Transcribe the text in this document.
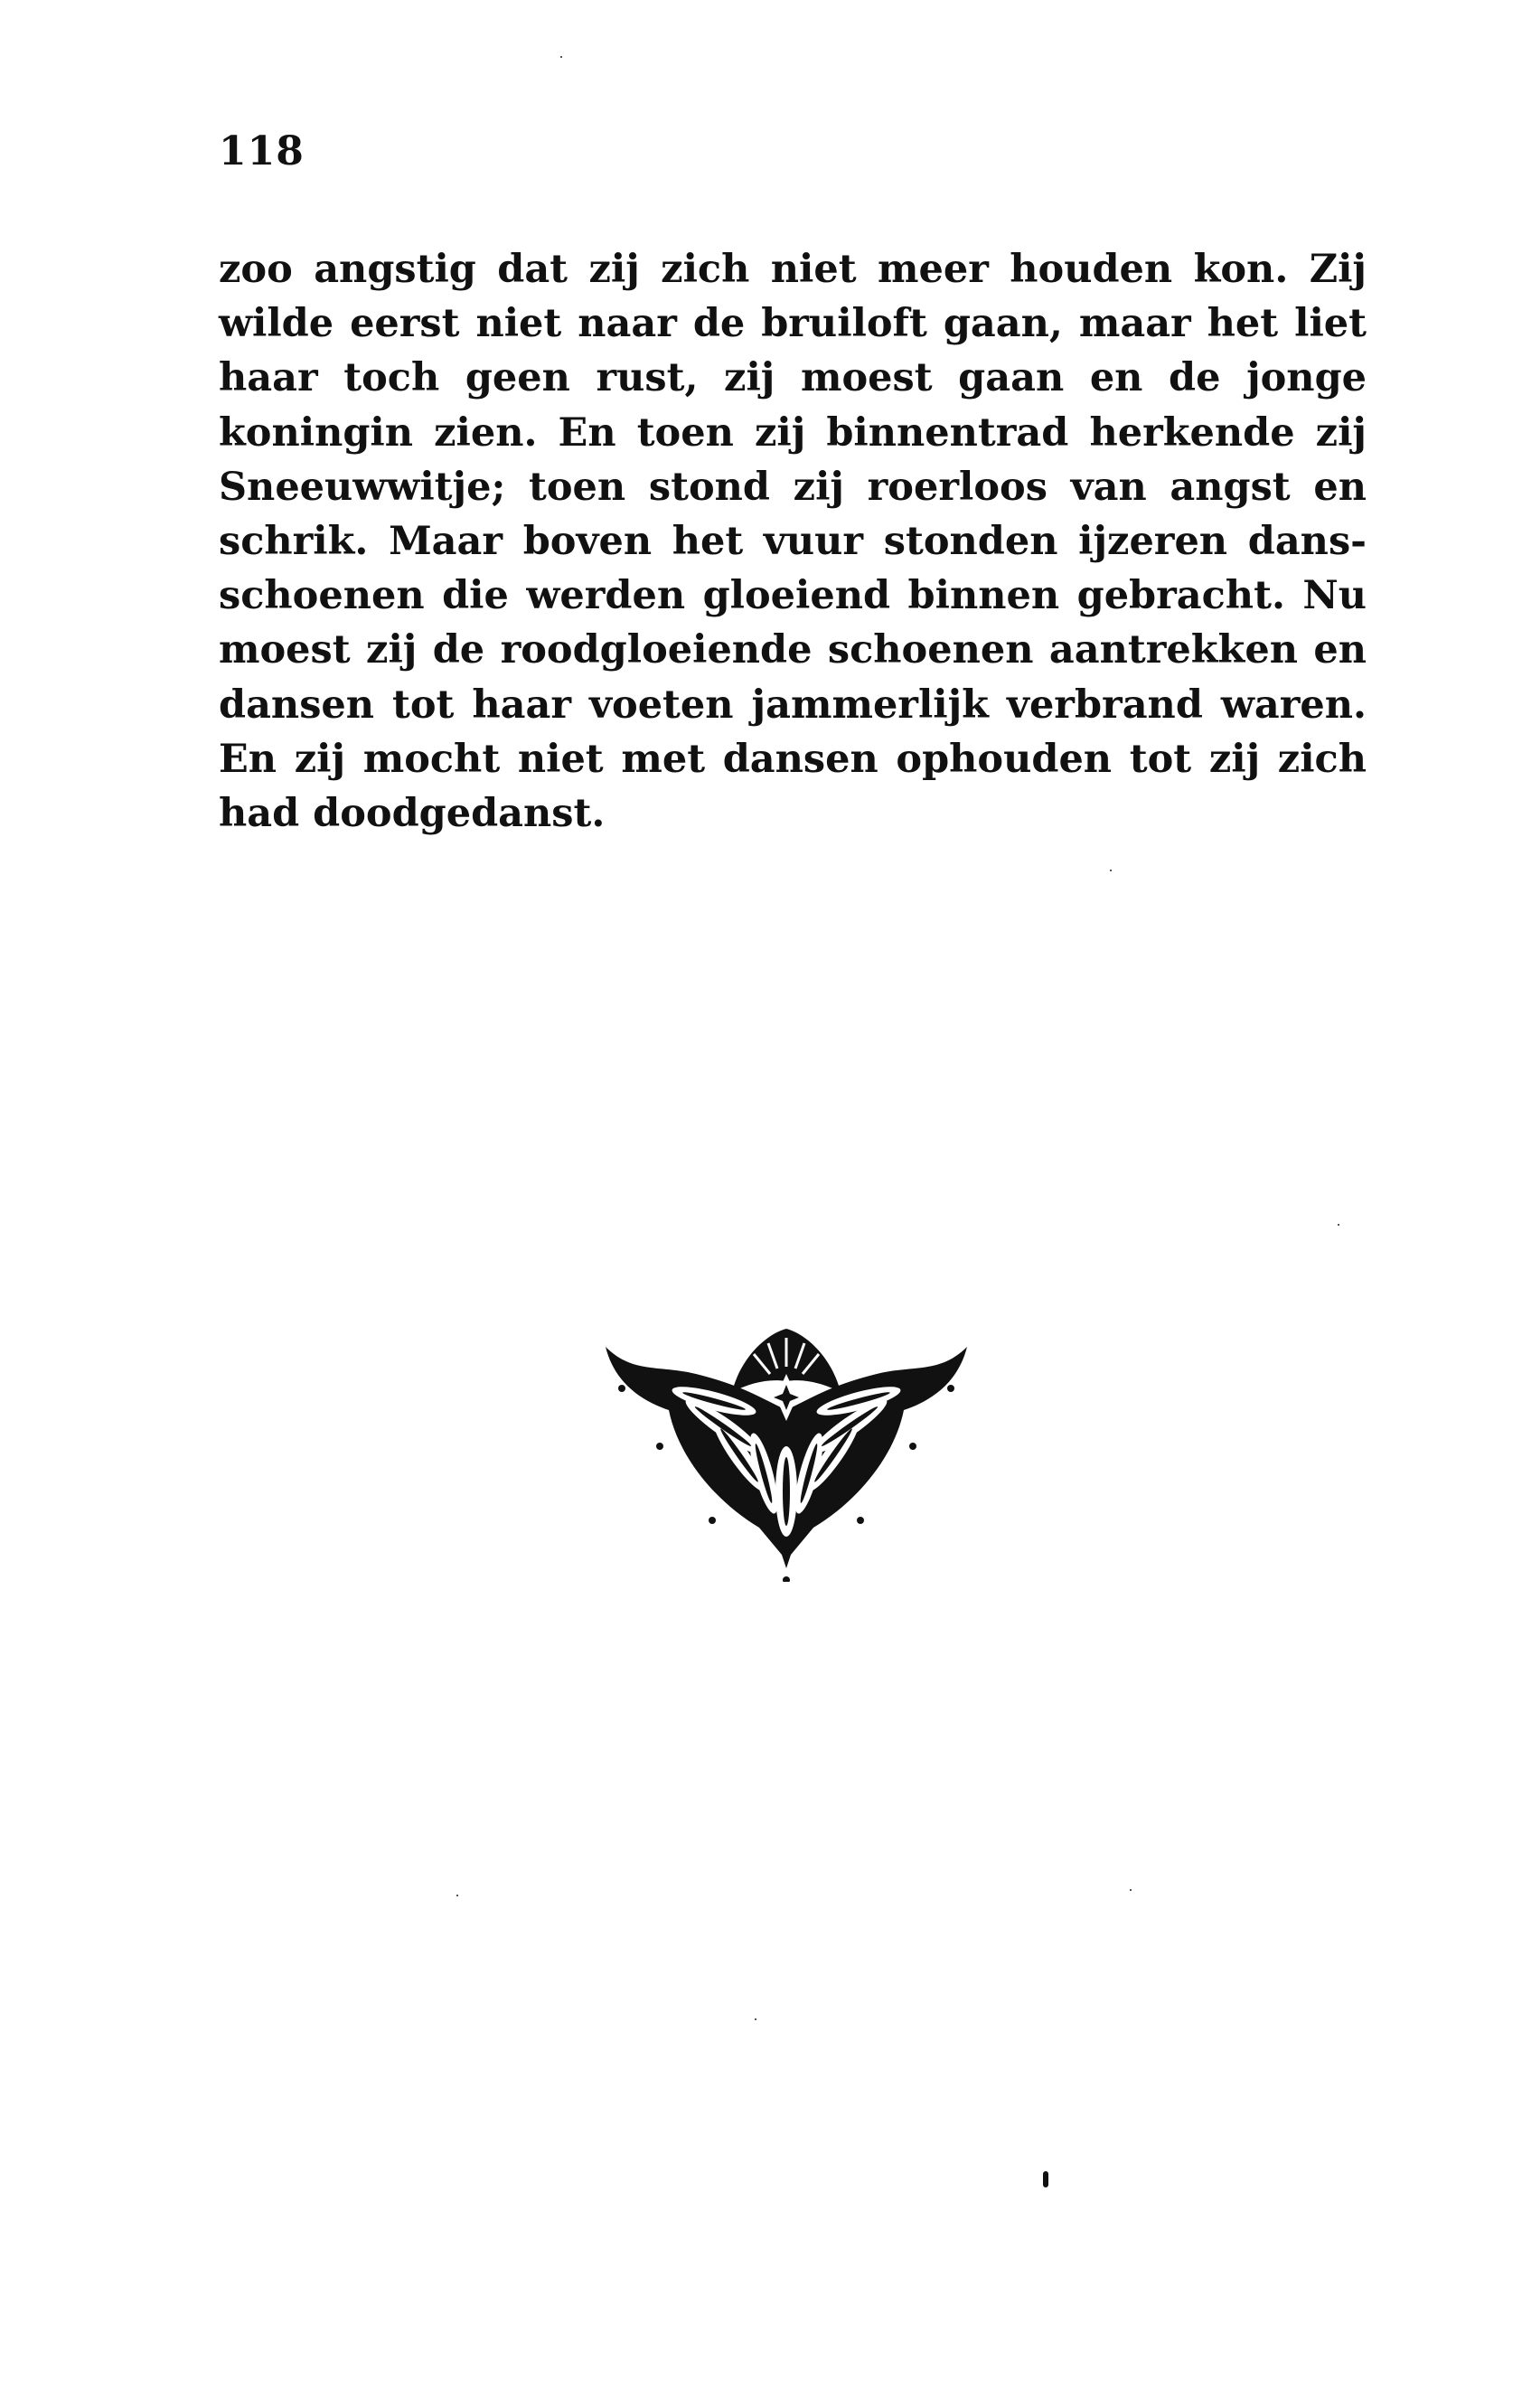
118
zoo angstig dat zij zich niet meer houden kon. Zij
wilde eerst niet naar de bruiloft gaan, maar het liet
haar toch geen rust, zij moest gaan en de jonge
koningin zien. En toen zij binnentrad herkende zij
Sneeuwwitje; toen stond zij roerloos van angst en
schrik. Maar boven het vuur stonden ijzeren dans-
schoenen die werden gloeiend binnen gebracht. Nu
moest zij de roodgloeiende schoenen aantrekken en
dansen tot haar voeten jammerlijk verbrand waren.
En zij mocht niet met dansen ophouden tot zij zich
had doodgedanst.
